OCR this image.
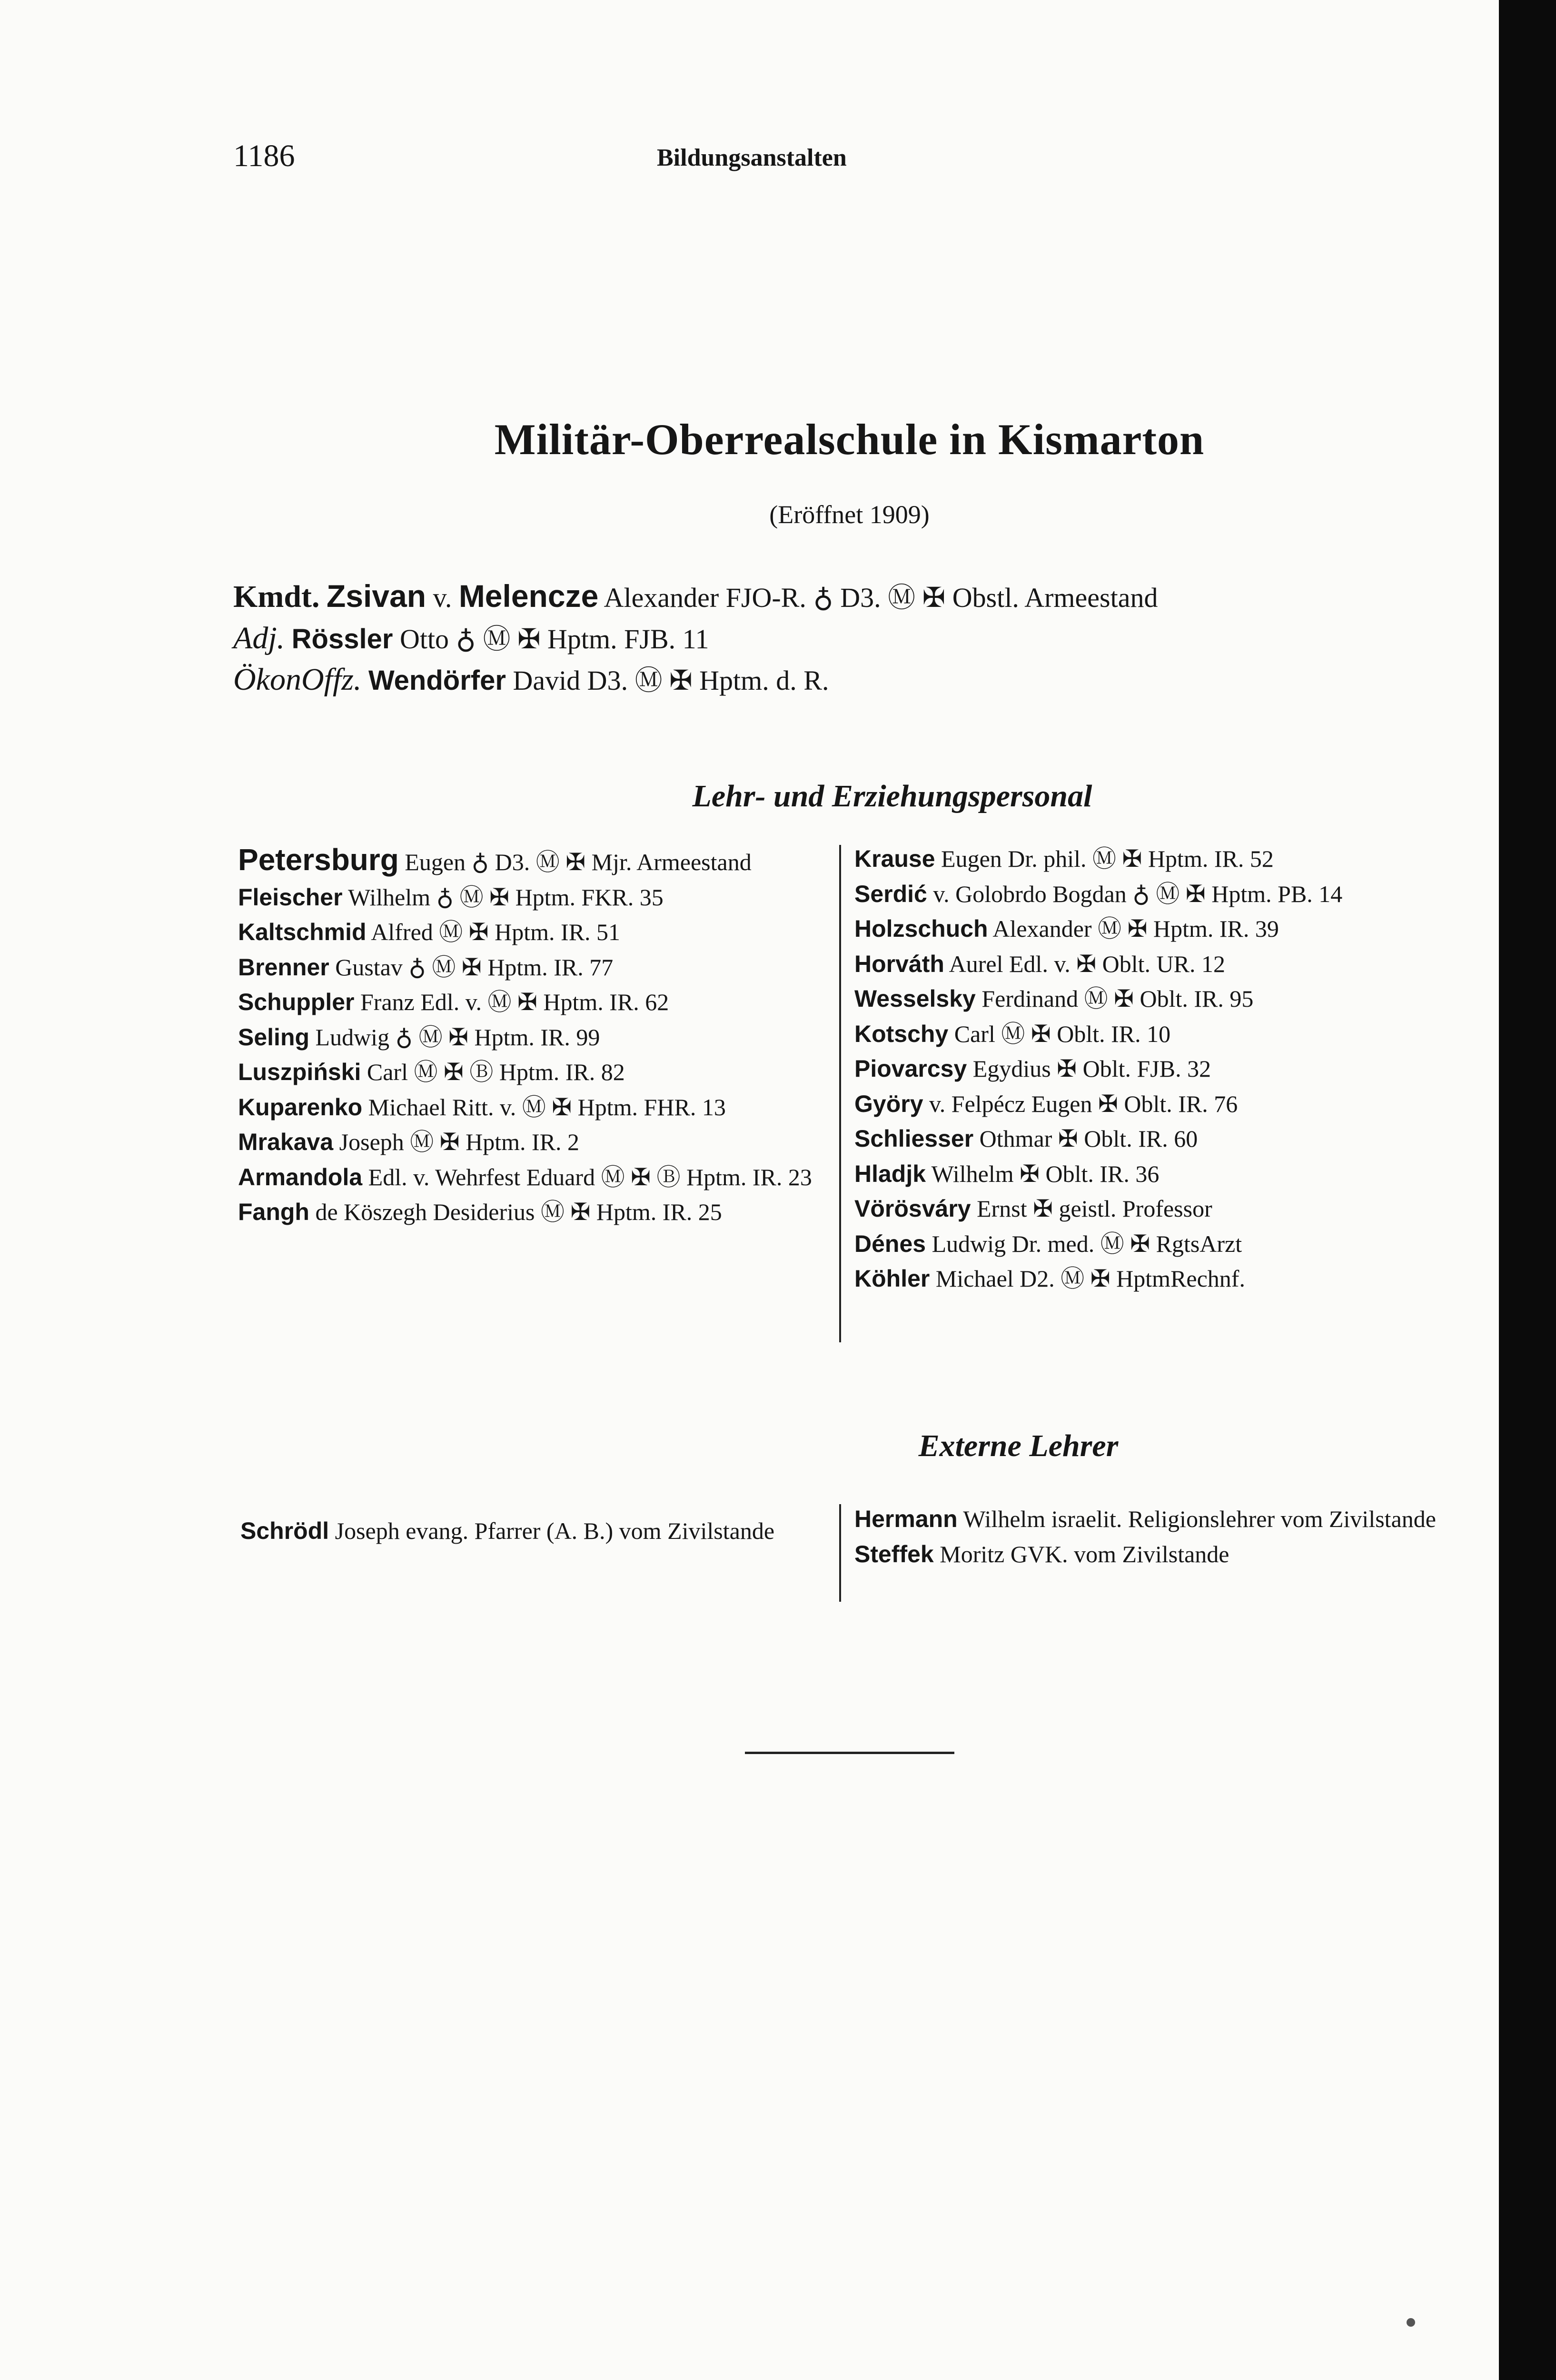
1186	Bildungsanstalten
Militär-Oberrealschule in Kismarton
(Eröffnet 1909)
Kmdt. Zsivan v. Melencze Alexander FJO-R. ♁ D3. Ⓜ ✠ Obstl. Armeestand
Adj. Rössler Otto ♁ Ⓜ ✠ Hptm. FJB. 11
ÖkonOffz. Wendörfer David D3. Ⓜ ✠ Hptm. d. R.
Lehr- und Erziehungspersonal
Petersburg Eugen ♁ D3. Ⓜ ✠ Mjr. Armeestand
Fleischer Wilhelm ♁ Ⓜ ✠ Hptm. FKR. 35
Kaltschmid Alfred Ⓜ ✠ Hptm. IR. 51
Brenner Gustav ♁ Ⓜ ✠ Hptm. IR. 77
Schuppler Franz Edl. v. Ⓜ ✠ Hptm. IR. 62
Seling Ludwig ♁ Ⓜ ✠ Hptm. IR. 99
Luszpiński Carl Ⓜ ✠ Ⓑ Hptm. IR. 82
Kuparenko Michael Ritt. v. Ⓜ ✠ Hptm. FHR. 13
Mrakava Joseph Ⓜ ✠ Hptm. IR. 2
Armandola Edl. v. Wehrfest Eduard Ⓜ ✠ Ⓑ Hptm. IR. 23
Fangh de Köszegh Desiderius Ⓜ ✠ Hptm. IR. 25
Krause Eugen Dr. phil. Ⓜ ✠ Hptm. IR. 52
Serdić v. Golobrdo Bogdan ♁ Ⓜ ✠ Hptm. PB. 14
Holzschuch Alexander Ⓜ ✠ Hptm. IR. 39
Horváth Aurel Edl. v. ✠ Oblt. UR. 12
Wesselsky Ferdinand Ⓜ ✠ Oblt. IR. 95
Kotschy Carl Ⓜ ✠ Oblt. IR. 10
Piovarcsy Egydius ✠ Oblt. FJB. 32
Györy v. Felpécz Eugen ✠ Oblt. IR. 76
Schliesser Othmar ✠ Oblt. IR. 60
Hladjk Wilhelm ✠ Oblt. IR. 36
Vörösváry Ernst ✠ geistl. Professor
Dénes Ludwig Dr. med. Ⓜ ✠ RgtsArzt
Köhler Michael D2. Ⓜ ✠ HptmRechnf.
Externe Lehrer
Schrödl Joseph evang. Pfarrer (A. B.) vom Zivilstande	Hermann Wilhelm israelit. Religionslehrer vom Zivilstande
Steffek Moritz GVK. vom Zivilstande
